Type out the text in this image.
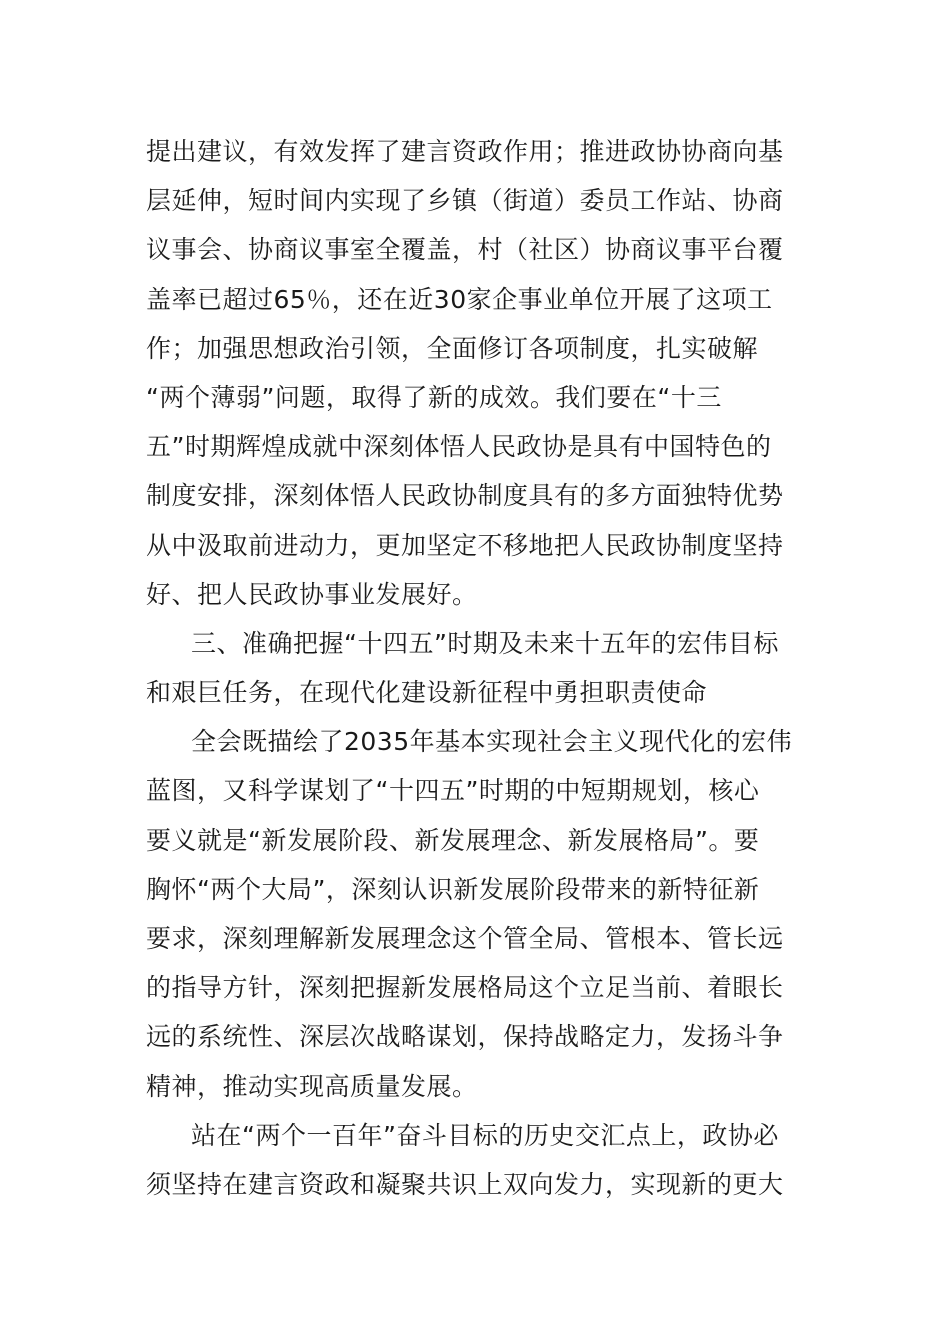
提出建议，有效发挥了建言资政作用；推进政协协商向基
层延伸，短时间内实现了乡镇（街道）委员工作站、协商
议事会、协商议事室全覆盖，村（社区）协商议事平台覆
盖率已超过65％，还在近30家企事业单位开展了这项工
作；加强思想政治引领，全面修订各项制度，扎实破解
“两个薄弱”问题，取得了新的成效。我们要在“十三
五”时期辉煌成就中深刻体悟人民政协是具有中国特色的
制度安排，深刻体悟人民政协制度具有的多方面独特优势
从中汲取前进动力，更加坚定不移地把人民政协制度坚持
好、把人民政协事业发展好。
三、准确把握“十四五”时期及未来十五年的宏伟目标
和艰巨任务，在现代化建设新征程中勇担职责使命
全会既描绘了2035年基本实现社会主义现代化的宏伟
蓝图，又科学谋划了“十四五”时期的中短期规划，核心
要义就是“新发展阶段、新发展理念、新发展格局”。要
胸怀“两个大局”，深刻认识新发展阶段带来的新特征新
要求，深刻理解新发展理念这个管全局、管根本、管长远
的指导方针，深刻把握新发展格局这个立足当前、着眼长
远的系统性、深层次战略谋划，保持战略定力，发扬斗争
精神，推动实现高质量发展。
站在“两个一百年”奋斗目标的历史交汇点上，政协必
须坚持在建言资政和凝聚共识上双向发力，实现新的更大
